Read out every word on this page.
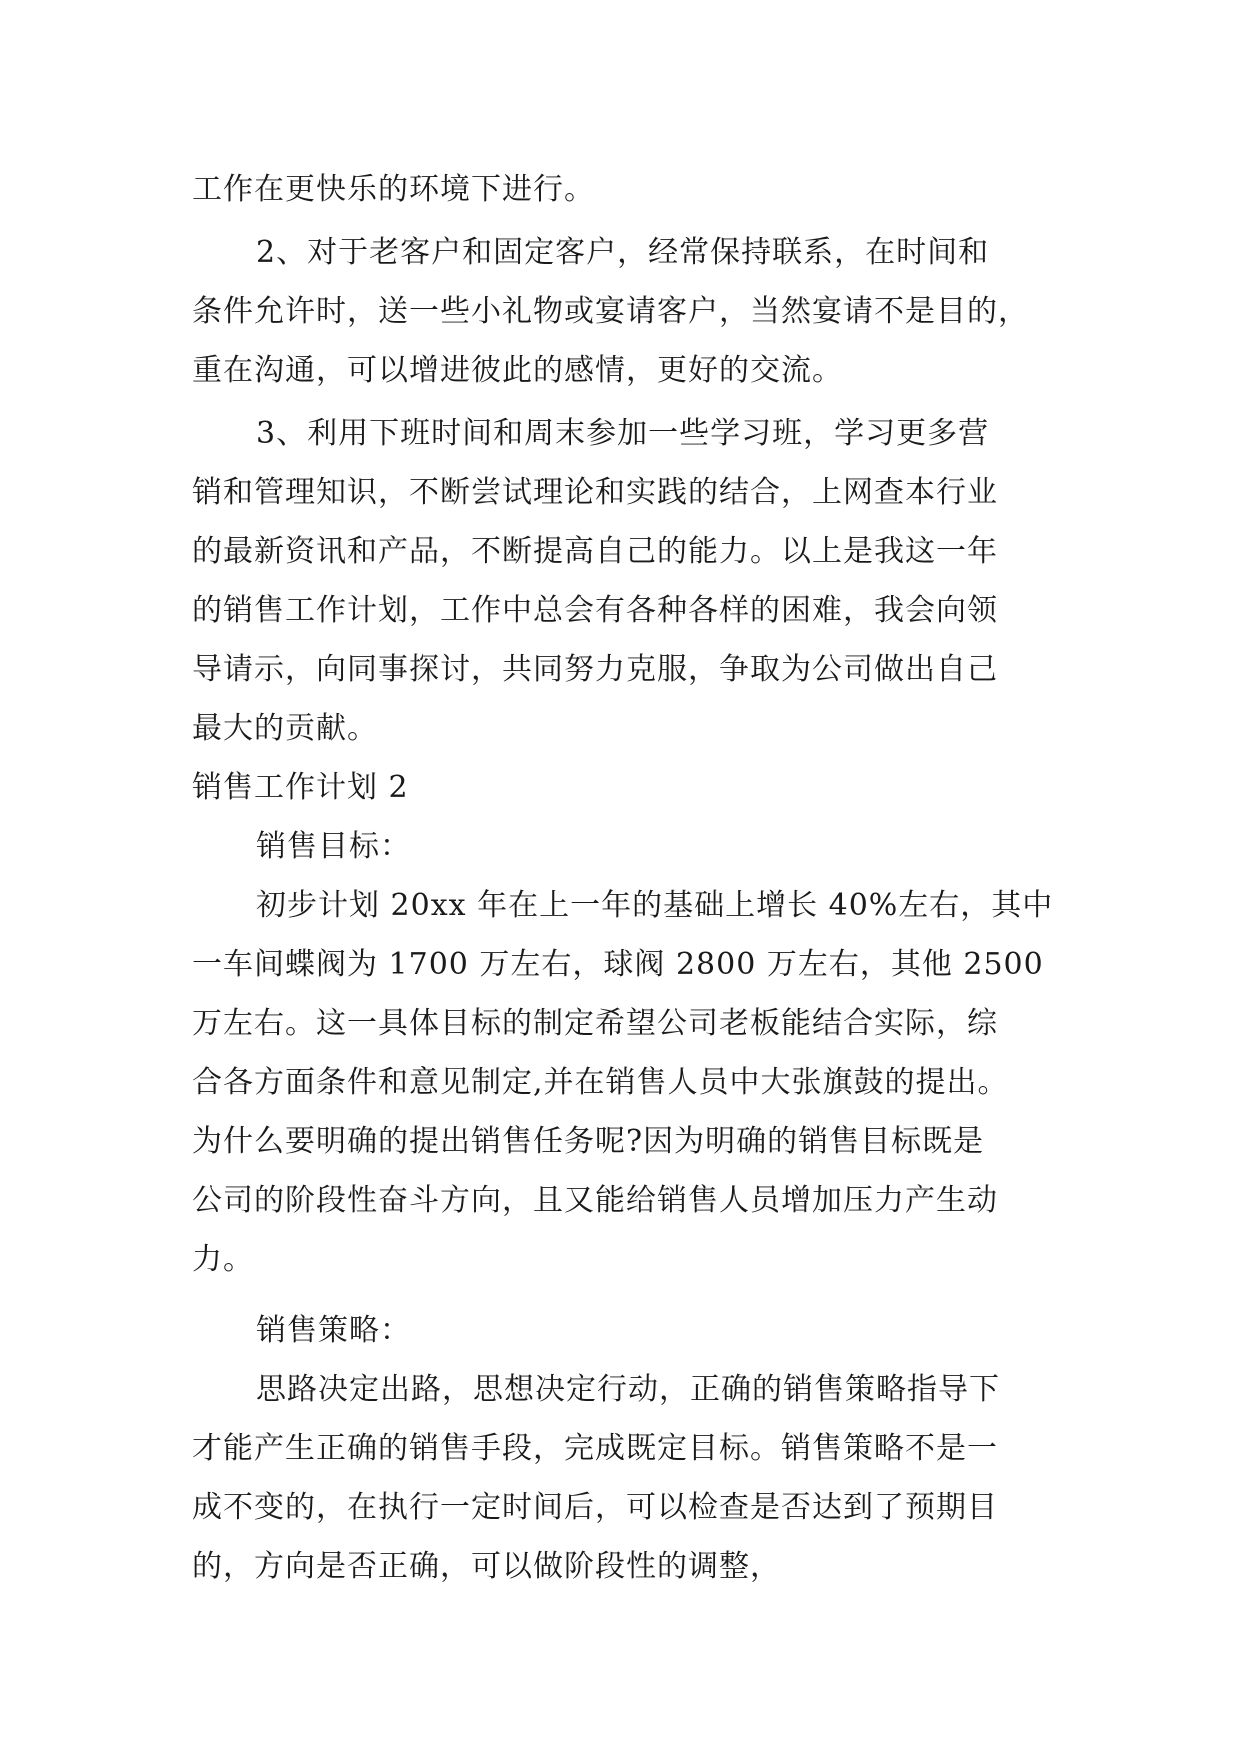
工作在更快乐的环境下进行。
2、对于老客户和固定客户，经常保持联系，在时间和
条件允许时，送一些小礼物或宴请客户，当然宴请不是目的，
重在沟通，可以增进彼此的感情，更好的交流。
3、利用下班时间和周末参加一些学习班，学习更多营
销和管理知识，不断尝试理论和实践的结合，上网查本行业
的最新资讯和产品，不断提高自己的能力。以上是我这一年
的销售工作计划，工作中总会有各种各样的困难，我会向领
导请示，向同事探讨，共同努力克服，争取为公司做出自己
最大的贡献。
销售工作计划 2
销售目标：
初步计划 20xx 年在上一年的基础上增长 40%左右，其中
一车间蝶阀为 1700 万左右，球阀 2800 万左右，其他 2500
万左右。这一具体目标的制定希望公司老板能结合实际，综
合各方面条件和意见制定,并在销售人员中大张旗鼓的提出。
为什么要明确的提出销售任务呢?因为明确的销售目标既是
公司的阶段性奋斗方向，且又能给销售人员增加压力产生动
力。
销售策略：
思路决定出路，思想决定行动，正确的销售策略指导下
才能产生正确的销售手段，完成既定目标。销售策略不是一
成不变的，在执行一定时间后，可以检查是否达到了预期目
的，方向是否正确，可以做阶段性的调整，
